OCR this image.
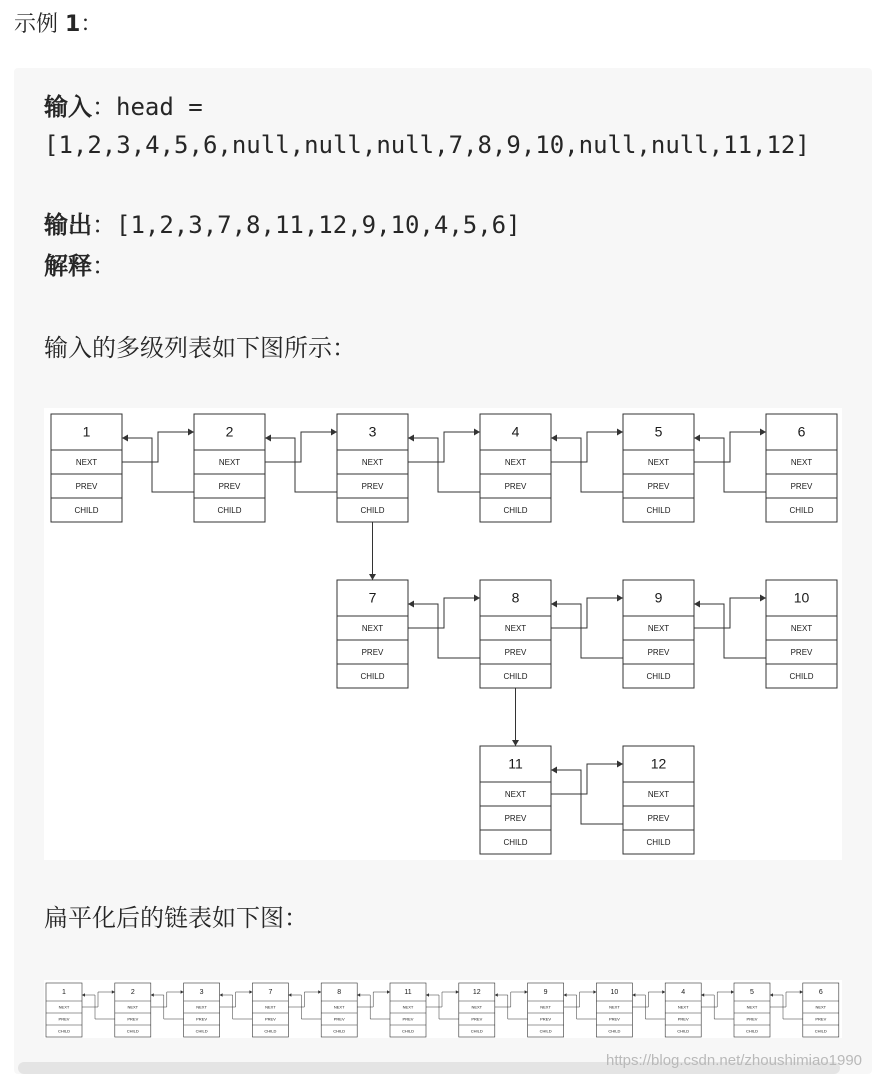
示例 1：
输入：head =
[1,2,3,4,5,6,null,null,null,7,8,9,10,null,null,11,12]
输出：[1,2,3,7,8,11,12,9,10,4,5,6]
解释：
输入的多级列表如下图所示：
1
NEXT
PREV
CHILD
2
NEXT
PREV
CHILD
3
NEXT
PREV
CHILD
4
NEXT
PREV
CHILD
5
NEXT
PREV
CHILD
6
NEXT
PREV
CHILD
7
NEXT
PREV
CHILD
8
NEXT
PREV
CHILD
9
NEXT
PREV
CHILD
10
NEXT
PREV
CHILD
11
NEXT
PREV
CHILD
12
NEXT
PREV
CHILD
扁平化后的链表如下图：
1
NEXT
PREV
CHILD
2
NEXT
PREV
CHILD
3
NEXT
PREV
CHILD
7
NEXT
PREV
CHILD
8
NEXT
PREV
CHILD
11
NEXT
PREV
CHILD
12
NEXT
PREV
CHILD
9
NEXT
PREV
CHILD
10
NEXT
PREV
CHILD
4
NEXT
PREV
CHILD
5
NEXT
PREV
CHILD
6
NEXT
PREV
CHILD
https://blog.csdn.net/zhoushimiao1990
